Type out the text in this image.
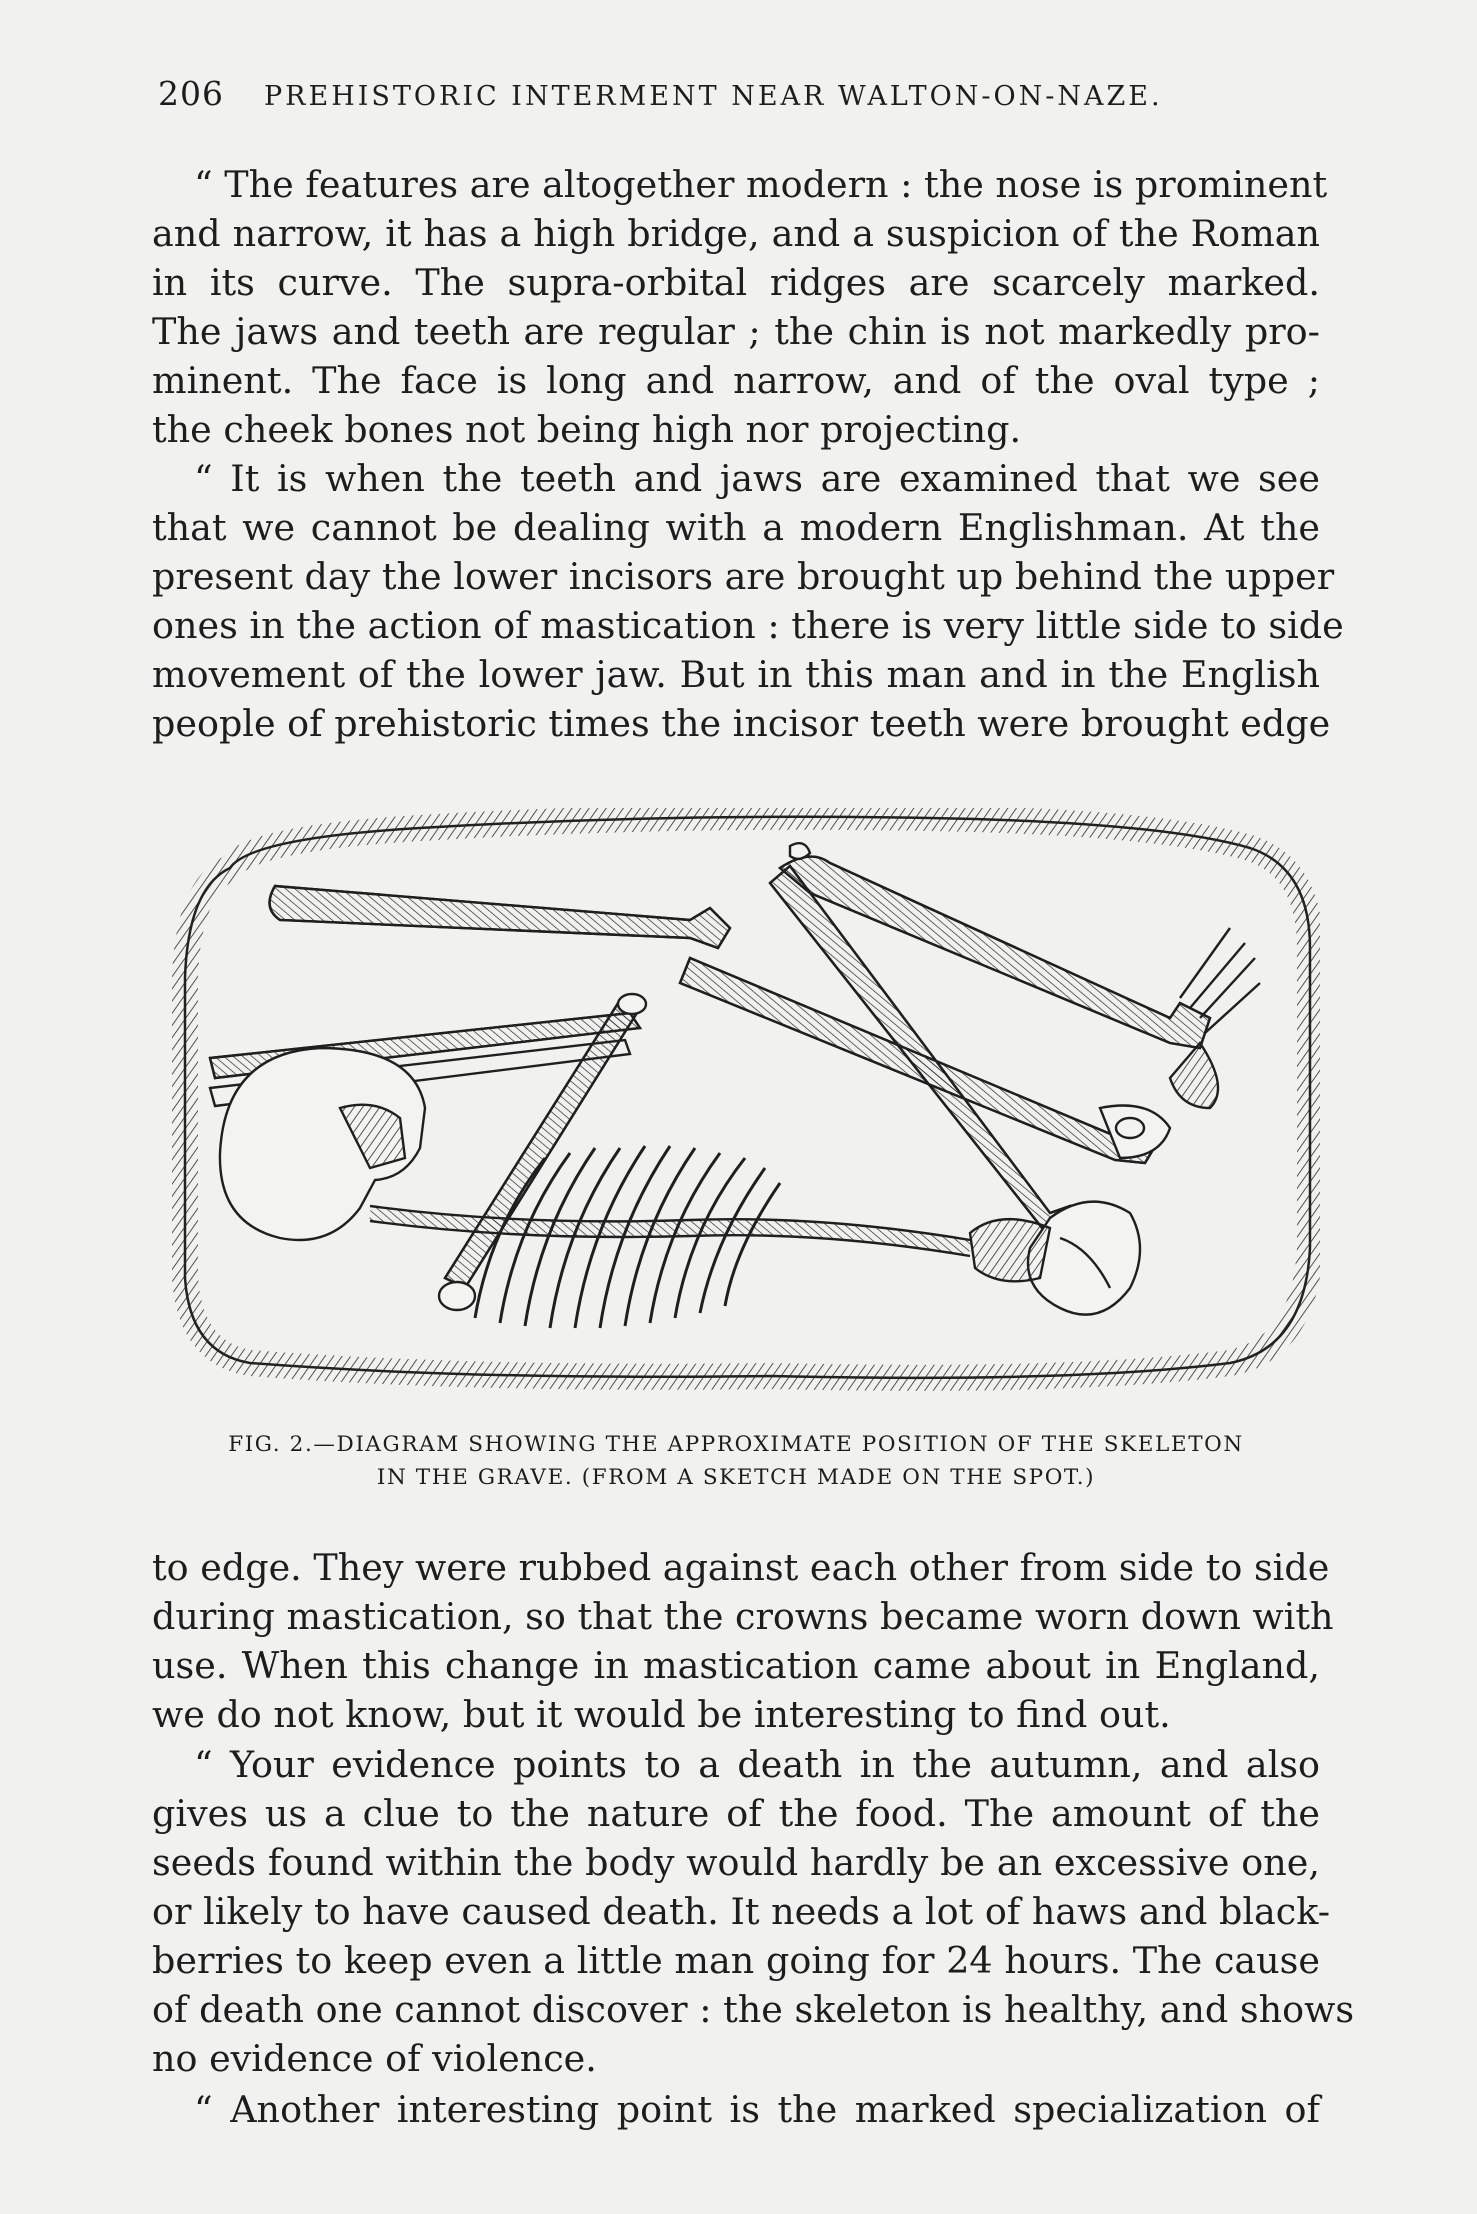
206 PREHISTORIC INTERMENT NEAR WALTON-ON-NAZE.

“ The features are altogether modern : the nose is prominent
and narrow, it has a high bridge, and a suspicion of the Roman
in its curve. The supra-orbital ridges are scarcely marked.
The jaws and teeth are regular ; the chin is not markedly pro-
minent. The face is long and narrow, and of the oval type ;
the cheek bones not being high nor projecting.

“ It is when the teeth and jaws are examined that we see
that we cannot be dealing with a modern Englishman. At the
present day the lower incisors are brought up behind the upper
ones in the action of mastication : there is very little side to side
movement of the lower jaw. But in this man and in the English
people of prehistoric times the incisor teeth were brought edge

FIG. 2.—DIAGRAM SHOWING THE APPROXIMATE POSITION OF THE SKELETON
IN THE GRAVE. (FROM A SKETCH MADE ON THE SPOT.)

to edge. They were rubbed against each other from side to side
during mastication, so that the crowns became worn down with
use. When this change in mastication came about in England,
we do not know, but it would be interesting to find out.

“ Your evidence points to a death in the autumn, and also
gives us a clue to the nature of the food. The amount of the
seeds found within the body would hardly be an excessive one,
or likely to have caused death. It needs a lot of haws and black-
berries to keep even a little man going for 24 hours. The cause
of death one cannot discover : the skeleton is healthy, and shows
no evidence of violence.

“ Another interesting point is the marked specialization of
